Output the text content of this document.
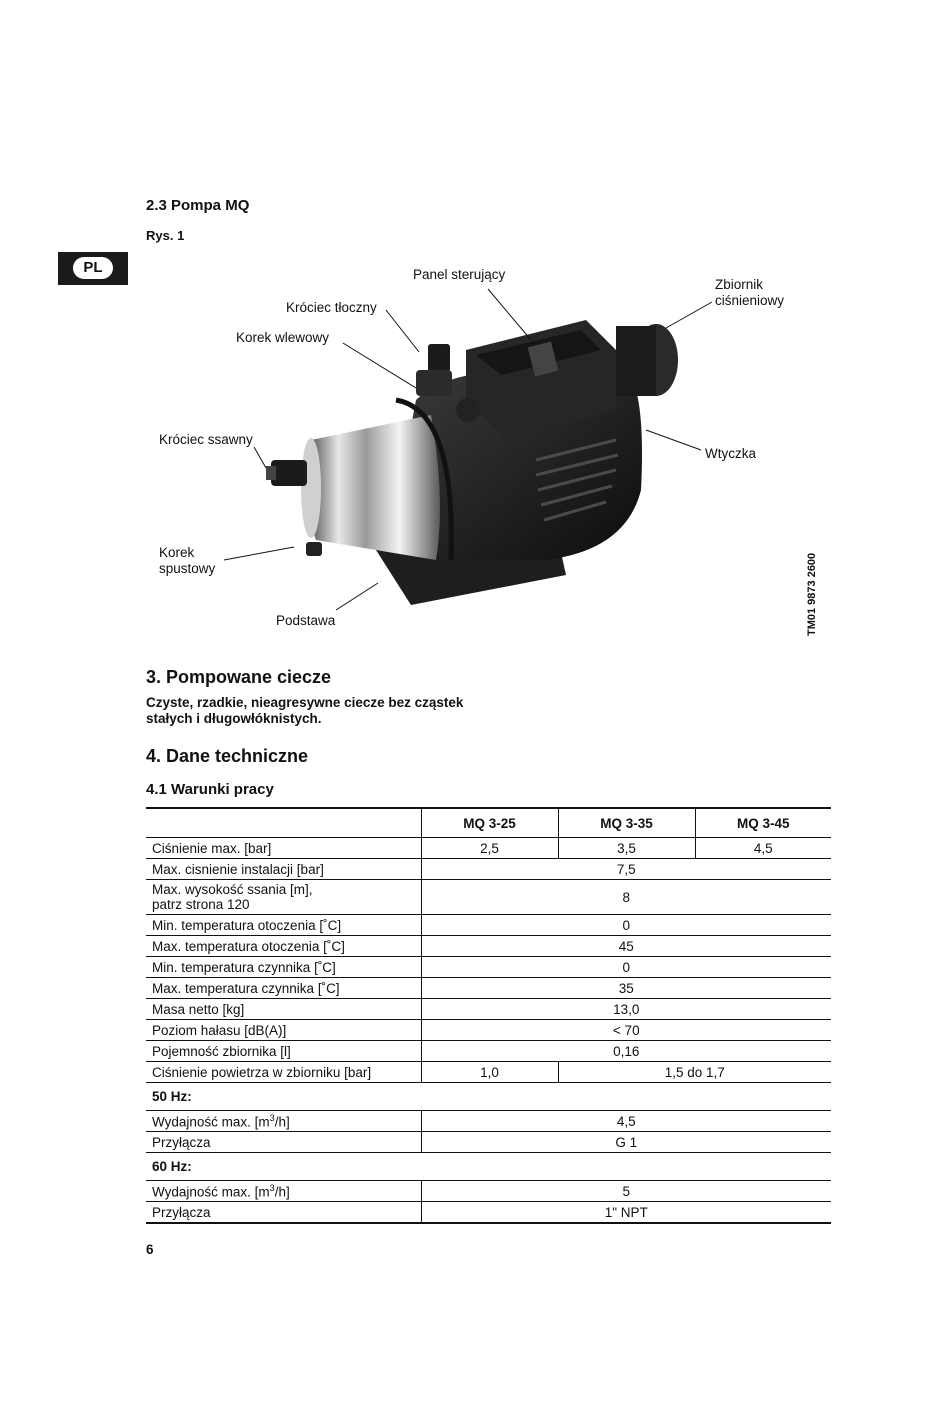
PL
2.3 Pompa MQ
Rys. 1
Panel sterujący
Zbiornik
ciśnieniowy
Króciec tłoczny
Korek wlewowy
Króciec ssawny
Wtyczka
Korek
spustowy
Podstawa	TM01 9873 2600
3. Pompowane ciecze
Czyste, rzadkie, nieagresywne ciecze bez cząstek
stałych i długowłóknistych.
4. Dane techniczne
4.1 Warunki pracy
	MQ 3-25	MQ 3-35	MQ 3-45
Ciśnienie max. [bar]	2,5	3,5	4,5
Max. cisnienie instalacji [bar]	7,5		

Max. wysokość ssania [m],
patrz strona 120	8		
Min. temperatura otoczenia [˚C]	0		
Max. temperatura otoczenia [˚C]	45		
Min. temperatura czynnika [˚C]	0		
Max. temperatura czynnika [˚C]	35		
Masa netto [kg]	13,0		
Poziom hałasu [dB(A)]	< 70		
Pojemność zbiornika [l]	0,16		
Ciśnienie powietrza w zbiorniku [bar]	1,0	1,5 do 1,7	
50 Hz:			
Wydajność max. $[m^3/h]$	4,5		
Przyłącza	G 1		
60 Hz:			
Wydajność max. $[m^3/h]$	5		
Przyłącza	1" NPT		
6
